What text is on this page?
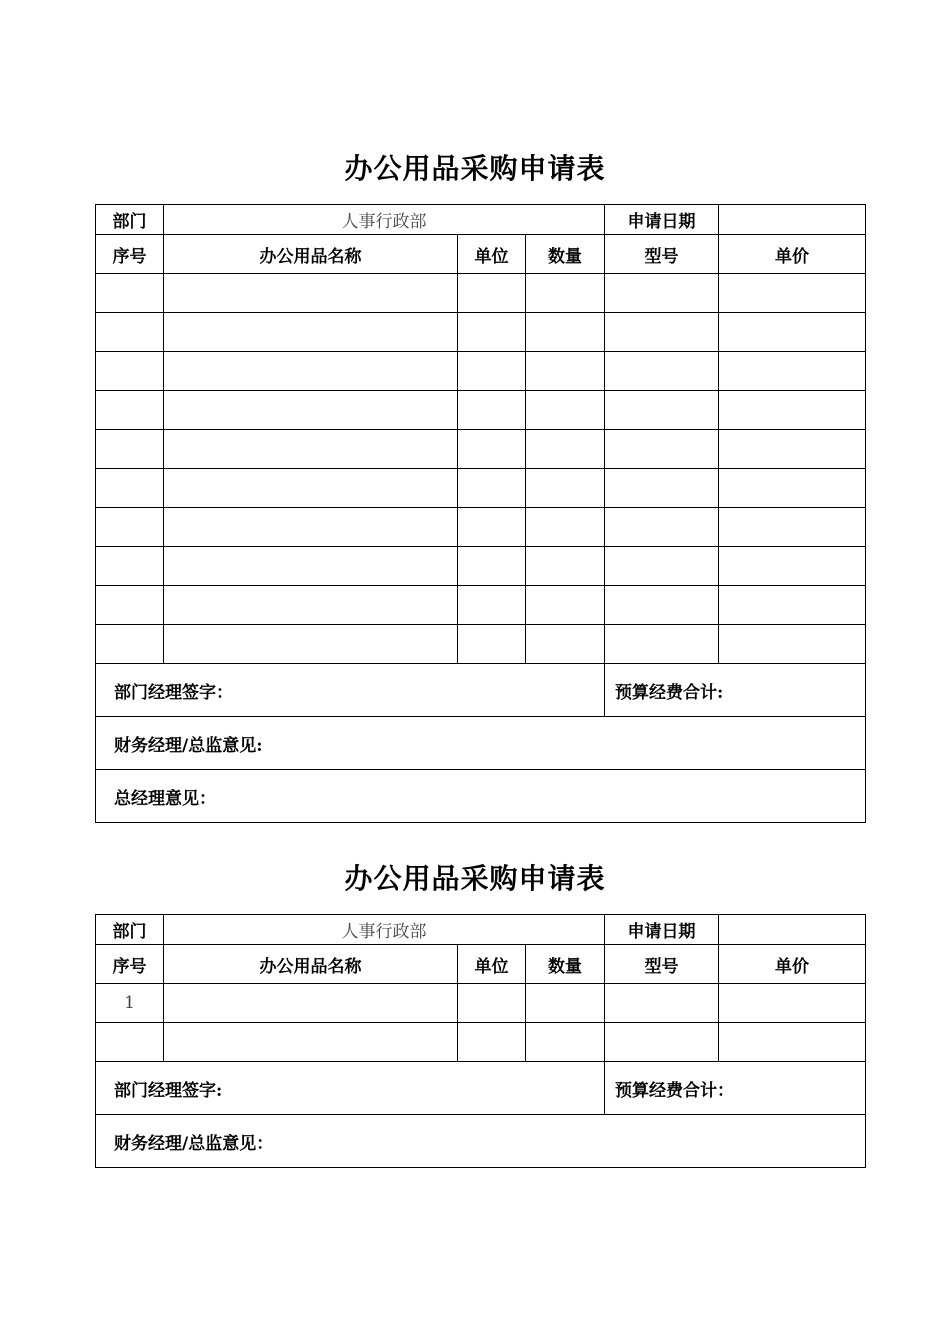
办公用品采购申请表
部门	人事行政部			申请日期	
序号	办公用品名称	单位	数量	型号	单价

部门经理签字：				预算经费合计:	
财务经理/总监意见:					
总经理意见：					
办公用品采购申请表
部门	人事行政部			申请日期	
序号	办公用品名称	单位	数量	型号	单价
1					

部门经理签字:				预算经费合计：	
财务经理/总监意见：					
